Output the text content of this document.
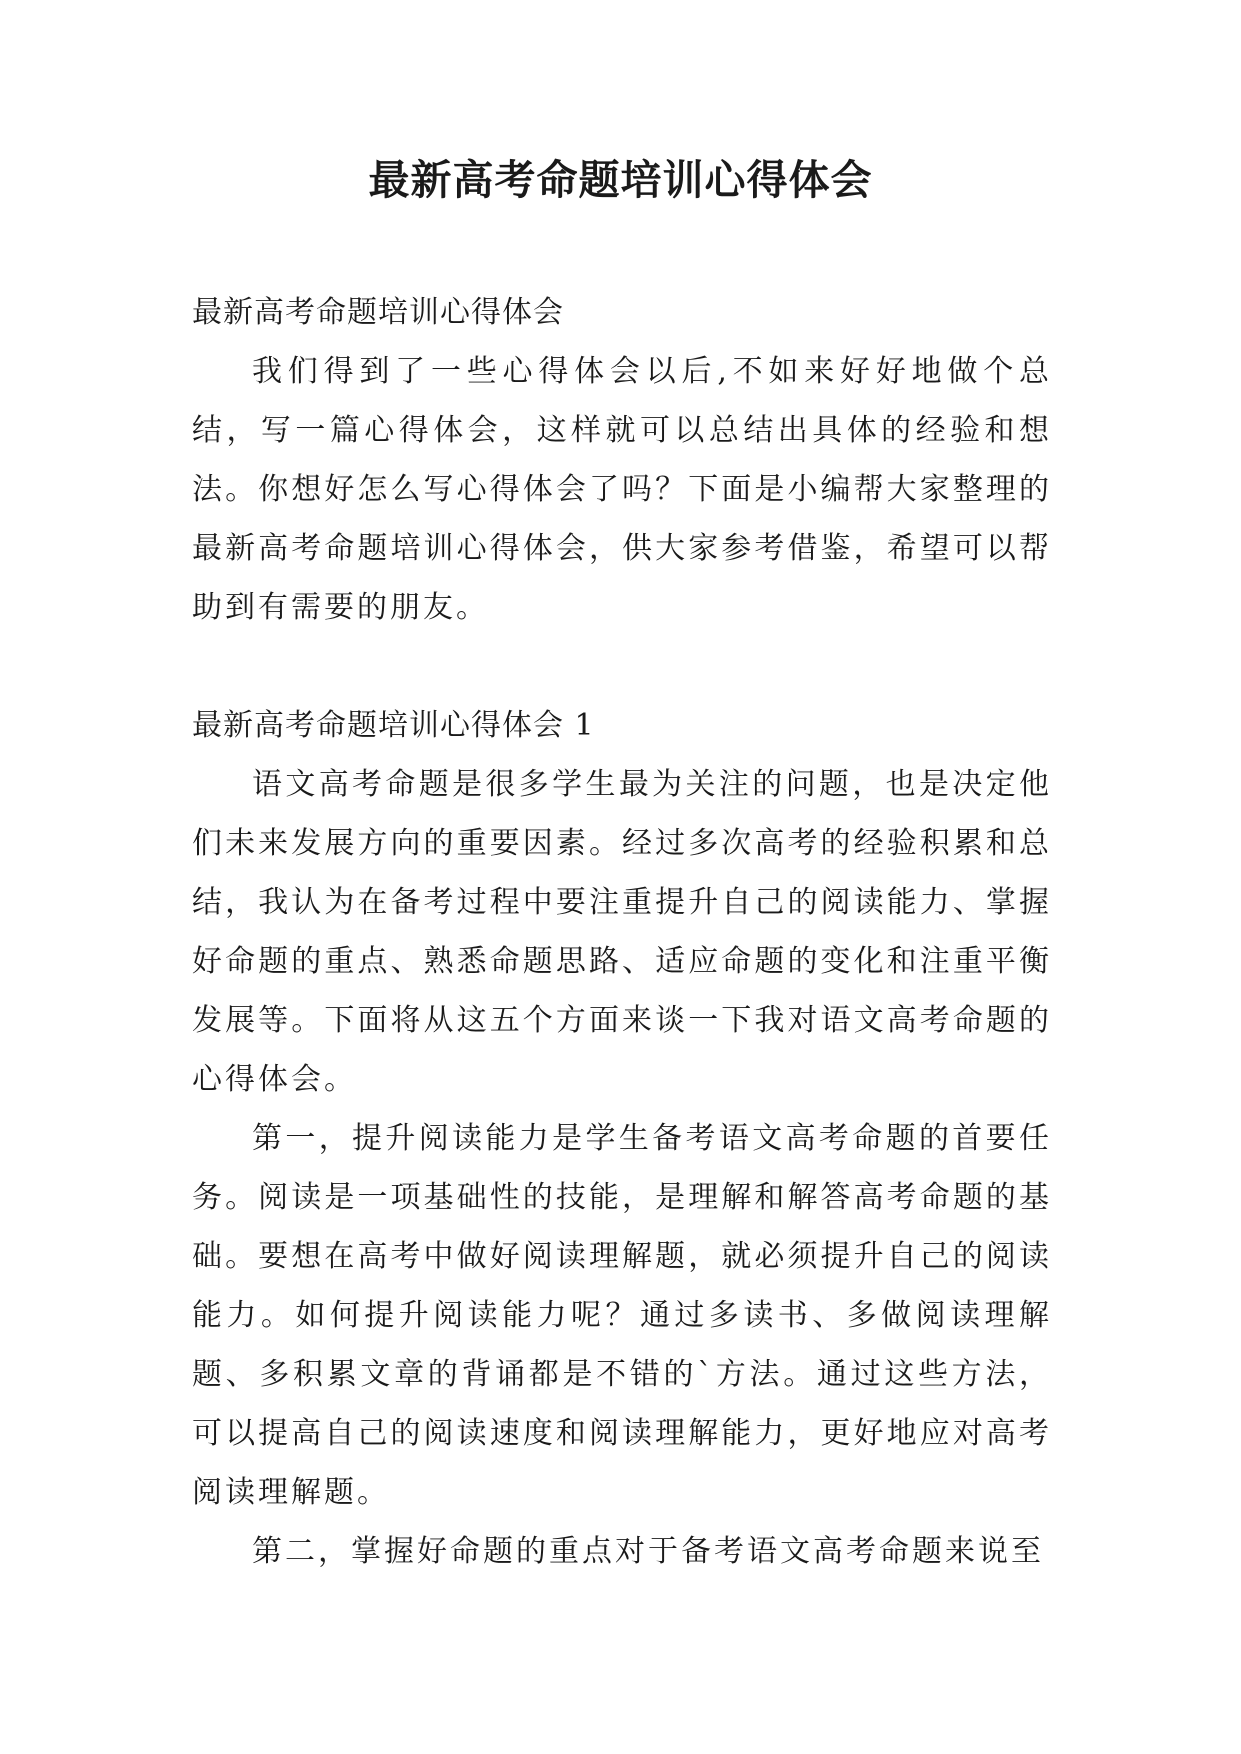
最新高考命题培训心得体会

最新高考命题培训心得体会

我们得到了一些心得体会以后,不如来好好地做个总结，写一篇心得体会，这样就可以总结出具体的经验和想法。你想好怎么写心得体会了吗？下面是小编帮大家整理的最新高考命题培训心得体会，供大家参考借鉴，希望可以帮助到有需要的朋友。

最新高考命题培训心得体会 1

语文高考命题是很多学生最为关注的问题，也是决定他们未来发展方向的重要因素。经过多次高考的经验积累和总结，我认为在备考过程中要注重提升自己的阅读能力、掌握好命题的重点、熟悉命题思路、适应命题的变化和注重平衡发展等。下面将从这五个方面来谈一下我对语文高考命题的心得体会。

第一，提升阅读能力是学生备考语文高考命题的首要任务。阅读是一项基础性的技能，是理解和解答高考命题的基础。要想在高考中做好阅读理解题，就必须提升自己的阅读能力。如何提升阅读能力呢？通过多读书、多做阅读理解题、多积累文章的背诵都是不错的`方法。通过这些方法，可以提高自己的阅读速度和阅读理解能力，更好地应对高考阅读理解题。

第二，掌握好命题的重点对于备考语文高考命题来说至
